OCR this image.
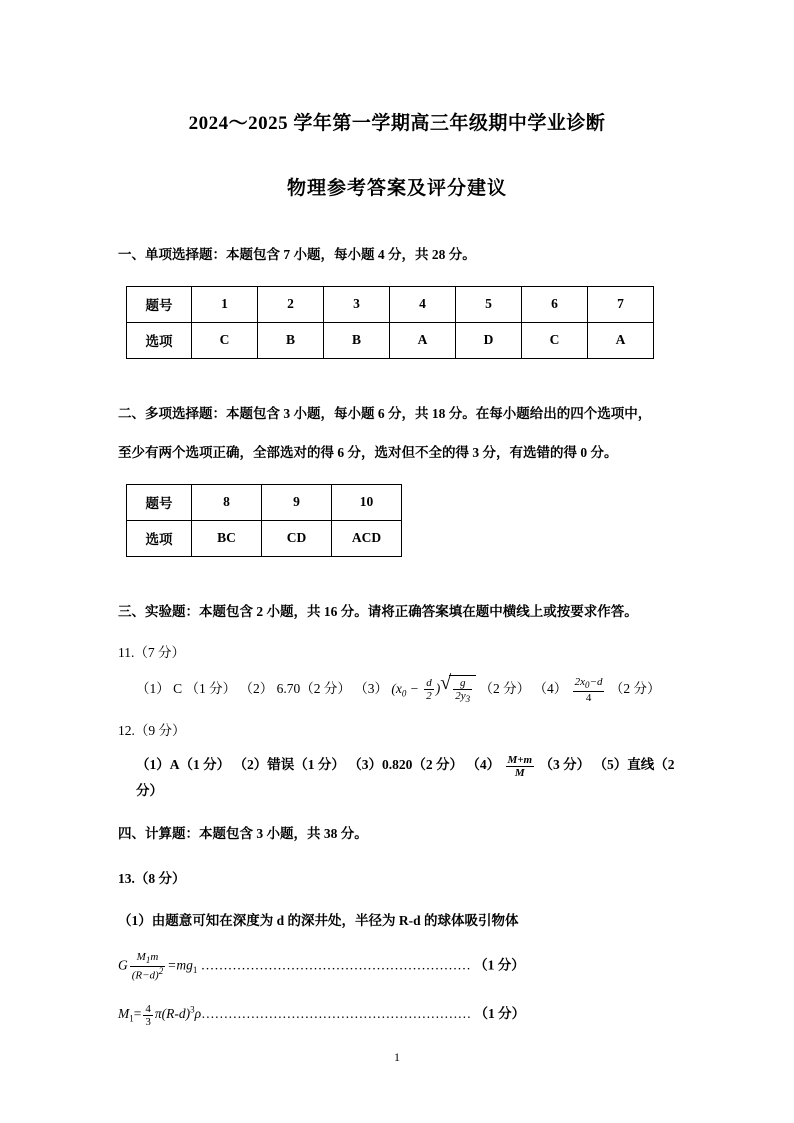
2024～2025 学年第一学期高三年级期中学业诊断
物理参考答案及评分建议
一、单项选择题：本题包含 7 小题，每小题 4 分，共 28 分。
题号	1	2	3	4	5	6	7
选项	C	B	B	A	D	C	A
二、多项选择题：本题包含 3 小题，每小题 6 分，共 18 分。在每小题给出的四个选项中，
至少有两个选项正确，全部选对的得 6 分，选对但不全的得 3 分，有选错的得 0 分。
题号	8	9	10
选项	BC	CD	ACD
三、实验题：本题包含 2 小题，共 16 分。请将正确答案填在题中横线上或按要求作答。
11.（7 分）
（1） C （1 分） （2） 6.70（2 分） （3） ($x_0 - \frac{d}{2}$ ) √ $\frac{g}{2y_3} (2$ 分） $(4) \frac{2x_0-d}{4} (2$ 分）
12.（9 分）
（1）A（1 分） （2）错误（1 分） （3）0.820（2 分） $(4) \frac{M+m}{M} (3$ 分） （5）直线（2 分）
四、计算题：本题包含 3 小题，共 38 分。
13.（8 分）
（1）由题意可知在深度为 d 的深井处，半径为 R-d 的球体吸引物体
G $\frac{M_1m}{(R-d)^2} =mg_1$ …………………………………………………… （1 分）
$M_1= \frac{4}{3}$ $\pi(R-d)^3\rho\dots\dots\dots\dots\dots\dots\dots\dots\dots\dots\dots\dots\dots\dots\dots\dots\dots\dots\dots\dots$ （1 分）
1
